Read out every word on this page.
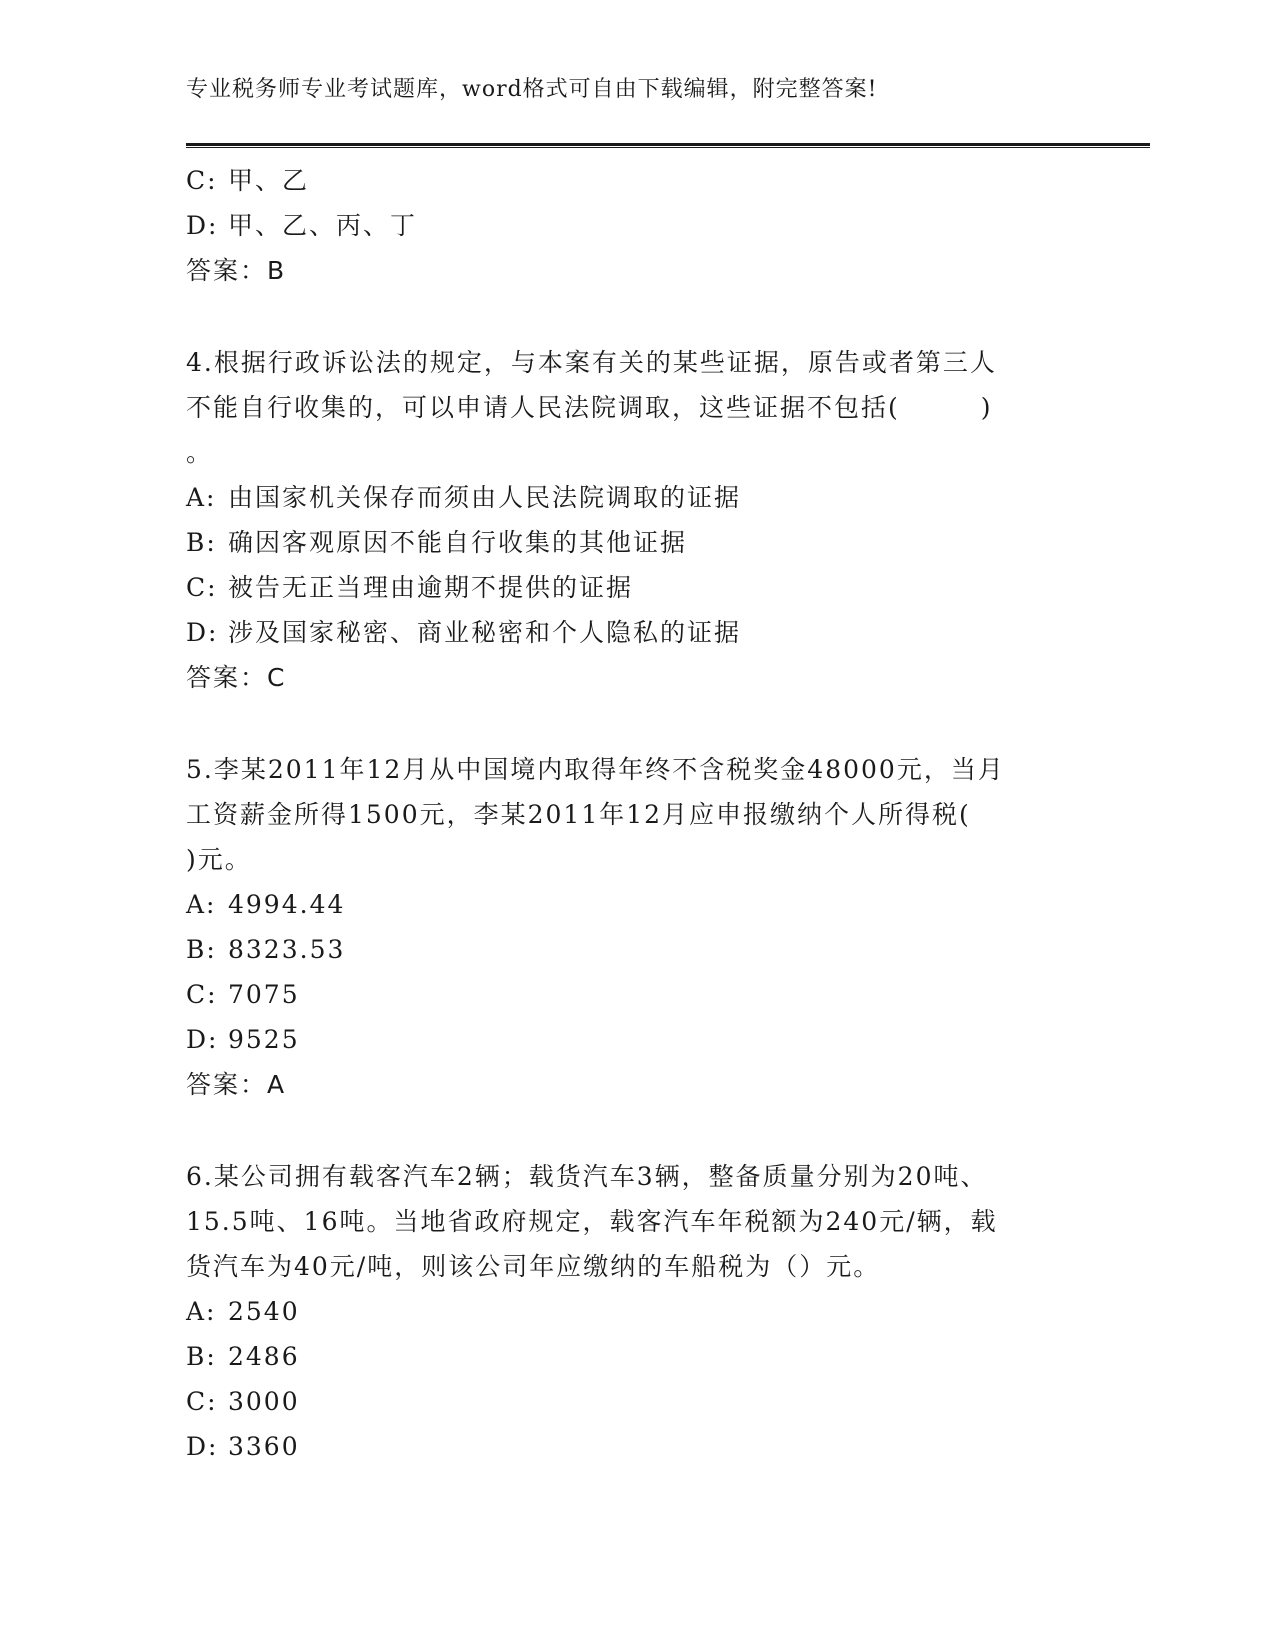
专业税务师专业考试题库，word格式可自由下载编辑，附完整答案!
C: 甲、乙
D: 甲、乙、丙、丁
答案：B
4.根据行政诉讼法的规定，与本案有关的某些证据，原告或者第三人
不能自行收集的，可以申请人民法院调取，这些证据不包括(　　　)
。
A: 由国家机关保存而须由人民法院调取的证据
B: 确因客观原因不能自行收集的其他证据
C: 被告无正当理由逾期不提供的证据
D: 涉及国家秘密、商业秘密和个人隐私的证据
答案：C
5.李某2011年12月从中国境内取得年终不含税奖金48000元，当月
工资薪金所得1500元，李某2011年12月应申报缴纳个人所得税(
)元。
A: 4994.44
B: 8323.53
C: 7075
D: 9525
答案：A
6.某公司拥有载客汽车2辆；载货汽车3辆，整备质量分别为20吨、
15.5吨、16吨。当地省政府规定，载客汽车年税额为240元/辆，载
货汽车为40元/吨，则该公司年应缴纳的车船税为（）元。
A: 2540
B: 2486
C: 3000
D: 3360
